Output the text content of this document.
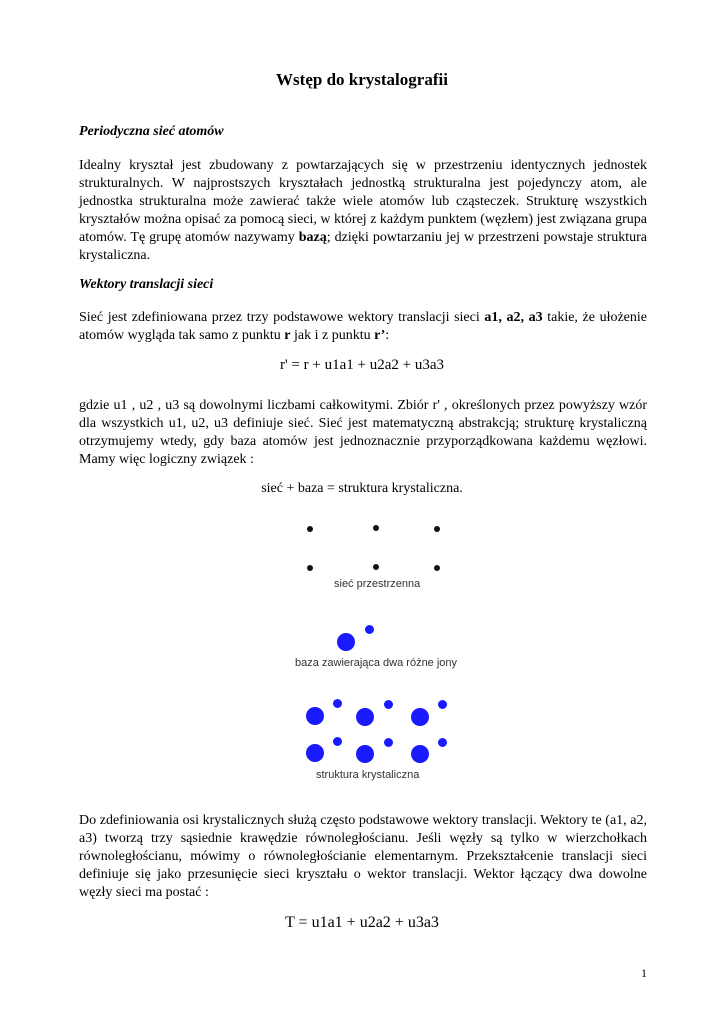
Wstęp do krystalografii
Periodyczna sieć atomów
Idealny kryształ jest zbudowany z powtarzających się w przestrzeniu identycznych jednostek strukturalnych. W najprostszych kryształach jednostką strukturalna jest pojedynczy atom, ale jednostka strukturalna może zawierać także wiele atomów lub cząsteczek. Strukturę wszystkich kryształów można opisać za pomocą sieci, w której z każdym punktem (węzłem) jest związana grupa atomów. Tę grupę atomów nazywamy bazą; dzięki powtarzaniu jej w przestrzeni powstaje struktura krystaliczna.
Wektory translacji sieci
Sieć jest zdefiniowana przez trzy podstawowe wektory translacji sieci a1, a2, a3 takie, że ułożenie atomów wygląda tak samo z punktu r jak i z punktu r’:
r' = r + u1a1 + u2a2 + u3a3
gdzie u1 , u2 , u3 są dowolnymi liczbami całkowitymi. Zbiór r' , określonych przez powyższy wzór dla wszystkich u1, u2, u3 definiuje sieć. Sieć jest matematyczną abstrakcją; strukturę krystaliczną otrzymujemy wtedy, gdy baza atomów jest jednoznacznie przyporządkowana każdemu węzłowi. Mamy więc logiczny związek :
sieć + baza = struktura krystaliczna.
sieć przestrzenna
baza zawierająca dwa różne jony
struktura krystaliczna
Do zdefiniowania osi krystalicznych służą często podstawowe wektory translacji. Wektory te (a1, a2, a3) tworzą trzy sąsiednie krawędzie równoległościanu. Jeśli węzły są tylko w wierzchołkach równoległościanu, mówimy o równoległościanie elementarnym. Przekształcenie translacji sieci definiuje się jako przesunięcie sieci kryształu o wektor translacji. Wektor łączący dwa dowolne węzły sieci ma postać :
T = u1a1 + u2a2 + u3a3
1
